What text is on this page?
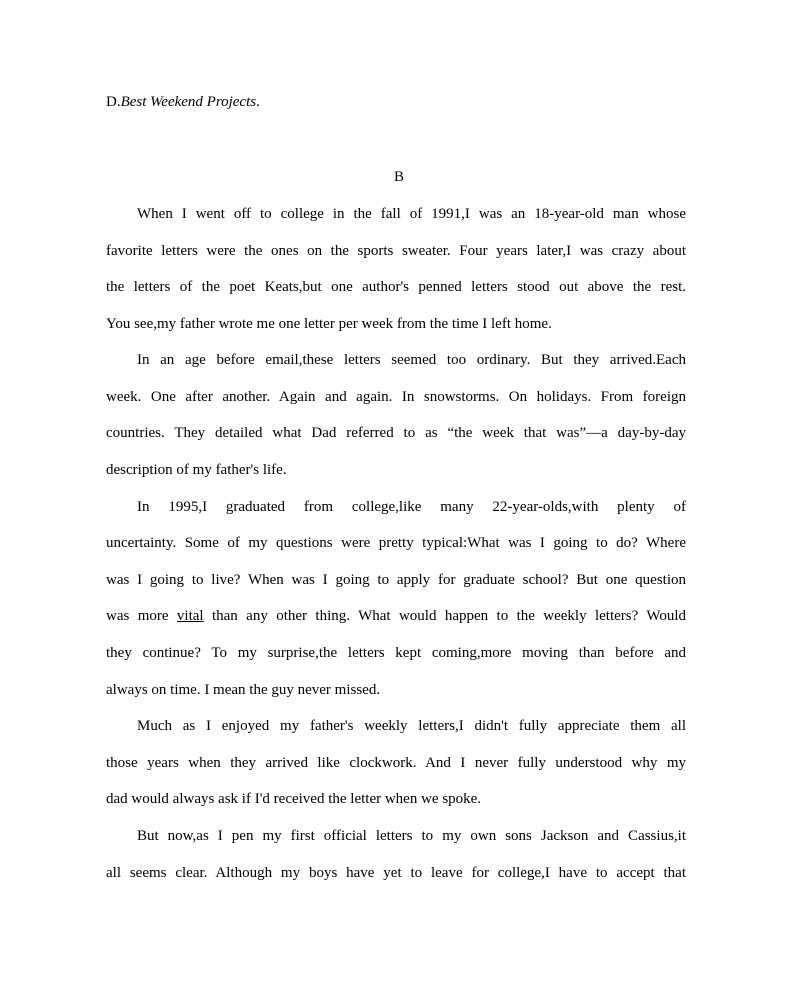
D.Best Weekend Projects.
B
When I went off to college in the fall of 1991,I was an 18-year-old man whose
favorite letters were the ones on the sports sweater. Four years later,I was crazy about
the letters of the poet Keats,but one author's penned letters stood out above the rest.
You see,my father wrote me one letter per week from the time I left home.
In an age before email,these letters seemed too ordinary. But they arrived.Each
week. One after another. Again and again. In snowstorms. On holidays. From foreign
countries. They detailed what Dad referred to as “the week that was”—a day-by-day
description of my father's life.
In 1995,I graduated from college,like many 22-year-olds,with plenty of
uncertainty. Some of my questions were pretty typical:What was I going to do? Where
was I going to live? When was I going to apply for graduate school? But one question
was more vital than any other thing. What would happen to the weekly letters? Would
they continue? To my surprise,the letters kept coming,more moving than before and
always on time. I mean the guy never missed.
Much as I enjoyed my father's weekly letters,I didn't fully appreciate them all
those years when they arrived like clockwork. And I never fully understood why my
dad would always ask if I'd received the letter when we spoke.
But now,as I pen my first official letters to my own sons Jackson and Cassius,it
all seems clear. Although my boys have yet to leave for college,I have to accept that
